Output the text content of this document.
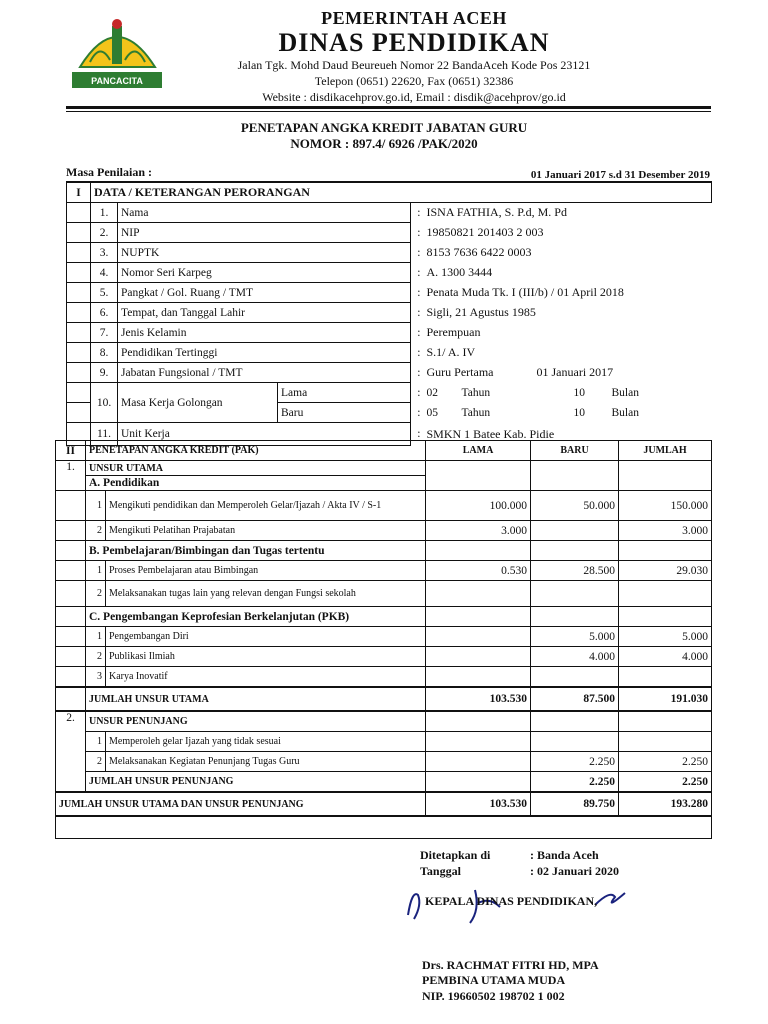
PANCACITA
PEMERINTAH ACEH
DINAS PENDIDIKAN
Jalan Tgk. Mohd Daud Beureueh Nomor 22 BandaAceh Kode Pos 23121
Telepon (0651) 22620, Fax (0651) 32386
Website : disdikacehprov.go.id, Email : disdik@acehprov/go.id
PENETAPAN ANGKA KREDIT JABATAN GURU
NOMOR : 897.4/ 6926 /PAK/2020
Masa Penilaian :	01 Januari 2017 s.d 31 Desember 2019
I	DATA / KETERANGAN PERORANGAN							
	1.	Nama		:	ISNA FATHIA, S. P.d, M. Pd			
	2.	NIP		:	19850821 201403 2 003			
	3.	NUPTK		:	8153 7636 6422 0003			
	4.	Nomor Seri Karpeg		:	A. 1300 3444			
	5.	Pangkat / Gol. Ruang / TMT		:	Penata Muda Tk. I (III/b) / 01 April 2018			
	6.	Tempat, dan Tanggal Lahir		:	Sigli, 21 Agustus 1985			
	7.	Jenis Kelamin		:	Perempuan			
	8.	Pendidikan Tertinggi		:	S.1/ A. IV			
	9.	Jabatan Fungsional / TMT		:	Guru Pertama		01 Januari 2017	
	10.	Masa Kerja Golongan	Lama	:	02	Tahun	10	Bulan
			Baru	:	05	Tahun	10	Bulan
	11.	Unit Kerja		:	SMKN 1 Batee Kab. Pidie			
II	PENETAPAN ANGKA KREDIT (PAK)		LAMA	BARU	JUMLAH
1.	UNSUR UTAMA				
	A. Pendidikan				
	1	Mengikuti pendidikan dan Memperoleh Gelar/Ijazah / Akta IV / S-1	100.000	50.000	150.000
	2	Mengikuti Pelatihan Prajabatan	3.000		3.000
	B. Pembelajaran/Bimbingan dan Tugas tertentu				
	1	Proses Pembelajaran atau Bimbingan	0.530	28.500	29.030
	2	Melaksanakan tugas lain yang relevan dengan Fungsi sekolah			
	C. Pengembangan Keprofesian Berkelanjutan (PKB)				
	1	Pengembangan Diri		5.000	5.000
	2	Publikasi Ilmiah		4.000	4.000
	3	Karya Inovatif			
	JUMLAH UNSUR UTAMA		103.530	87.500	191.030
2.	UNSUR PENUNJANG				
	1	Memperoleh gelar Ijazah yang tidak sesuai			
	2	Melaksanakan Kegiatan Penunjang Tugas Guru		2.250	2.250
	JUMLAH UNSUR PENUNJANG			2.250	2.250
JUMLAH UNSUR UTAMA DAN UNSUR PENUNJANG			103.530	89.750	193.280

Ditetapkan di	: Banda Aceh
Tanggal	: 02 Januari 2020
KEPALA DINAS PENDIDIKAN,
Drs. RACHMAT FITRI HD, MPA
PEMBINA UTAMA MUDA
NIP. 19660502 198702 1 002
